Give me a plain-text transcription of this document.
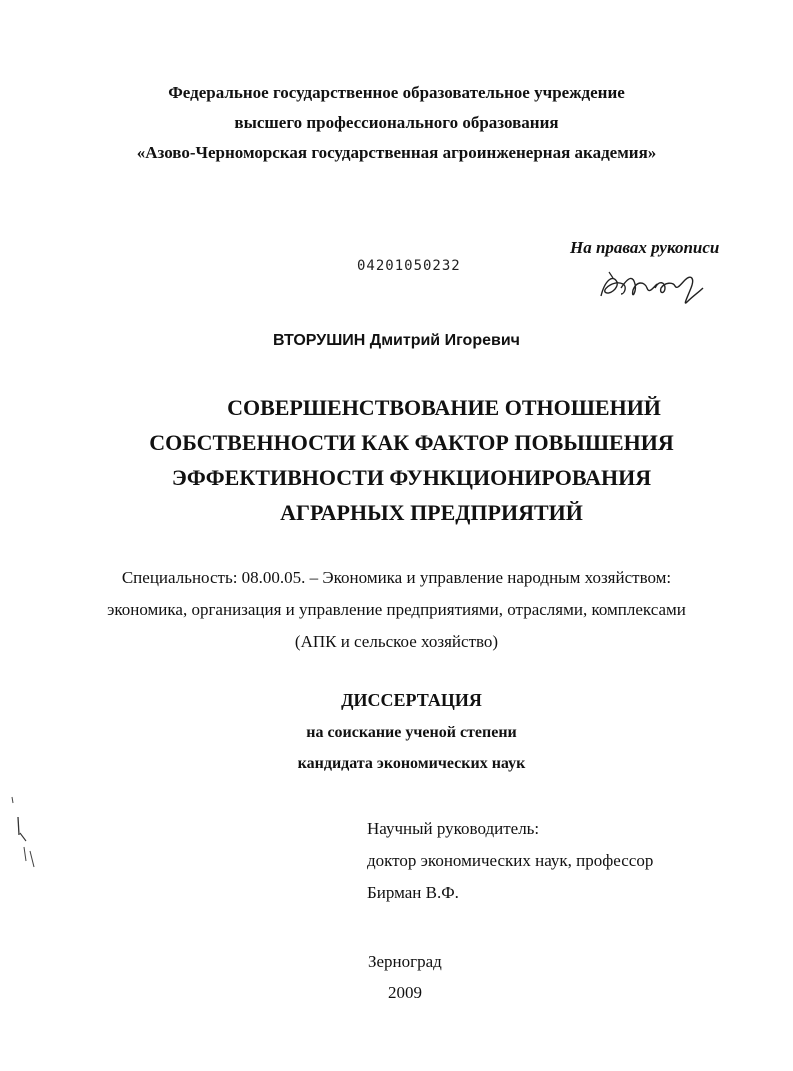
Федеральное государственное образовательное учреждение
высшего профессионального образования
«Азово-Черноморская государственная агроинженерная академия»
На правах рукописи
04201050232
ВТОРУШИН Дмитрий Игоревич
СОВЕРШЕНСТВОВАНИЕ ОТНОШЕНИЙ
СОБСТВЕННОСТИ КАК ФАКТОР ПОВЫШЕНИЯ
ЭФФЕКТИВНОСТИ ФУНКЦИОНИРОВАНИЯ
АГРАРНЫХ ПРЕДПРИЯТИЙ
Специальность: 08.00.05. – Экономика и управление народным хозяйством:
экономика, организация и управление предприятиями, отраслями, комплексами
(АПК и сельское хозяйство)
ДИССЕРТАЦИЯ
на соискание ученой степени
кандидата экономических наук
Научный руководитель:
доктор экономических наук, профессор
Бирман В.Ф.
Зерноград
2009
